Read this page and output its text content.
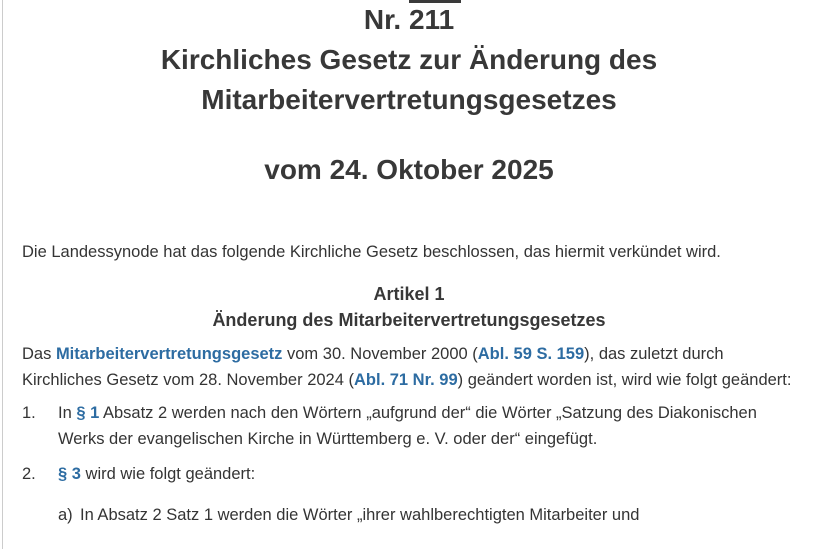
Nr. 211
Kirchliches Gesetz zur Änderung des Mitarbeitervertretungsgesetzes
vom 24. Oktober 2025

Die Landessynode hat das folgende Kirchliche Gesetz beschlossen, das hiermit verkündet wird.

Artikel 1
Änderung des Mitarbeitervertretungsgesetzes

Das Mitarbeitervertretungsgesetz vom 30. November 2000 (Abl. 59 S. 159), das zuletzt durch Kirchliches Gesetz vom 28. November 2024 (Abl. 71 Nr. 99) geändert worden ist, wird wie folgt geändert:

1.	In § 1 Absatz 2 werden nach den Wörtern „aufgrund der“ die Wörter „Satzung des Diakonischen Werks der evangelischen Kirche in Württemberg e. V. oder der“ eingefügt.
2.	§ 3 wird wie folgt geändert:
a) In Absatz 2 Satz 1 werden die Wörter „ihrer wahlberechtigten Mitarbeiter und
